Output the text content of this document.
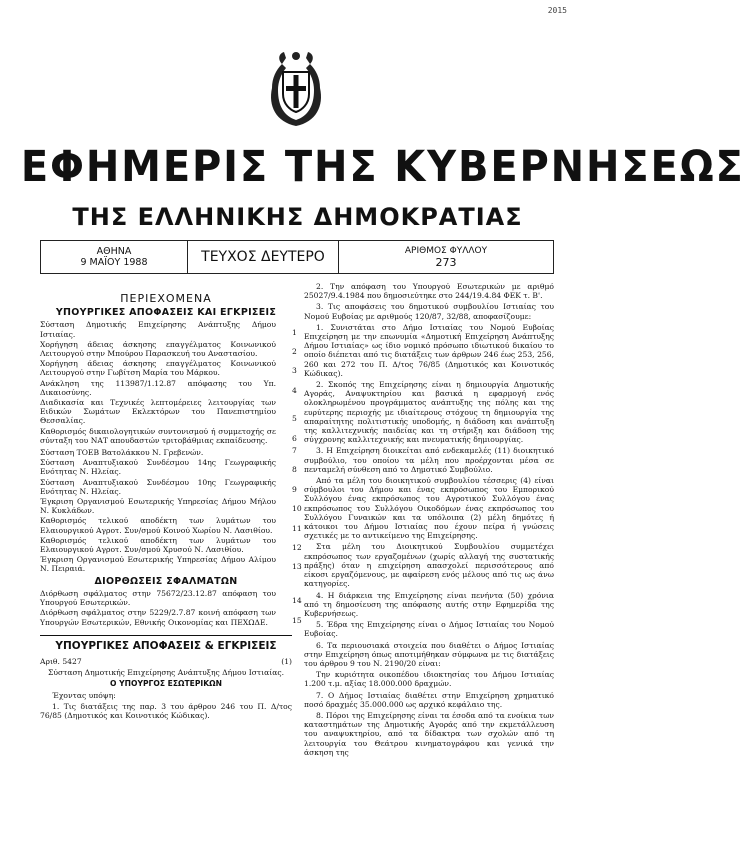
2015
ΕΦΗΜΕΡΙΣ ΤΗΣ ΚΥΒΕΡΝΗΣΕΩΣ
ΤΗΣ ΕΛΛΗΝΙΚΗΣ ΔΗΜΟΚΡΑΤΙΑΣ
ΑΘΗΝΑ
9 ΜΑΪΟΥ 1988	ΤΕΥΧΟΣ ΔΕΥΤΕΡΟ	ΑΡΙΘΜΟΣ ΦΥΛΛΟΥ
273
ΠΕΡΙΕΧΟΜΕΝΑ
ΥΠΟΥΡΓΙΚΕΣ ΑΠΟΦΑΣΕΙΣ ΚΑΙ ΕΓΚΡΙΣΕΙΣ
Σύσταση Δημοτικής Επιχείρησης Ανάπτυξης Δήμου Ιστιαίας.	1
Χορήγηση άδειας άσκησης επαγγέλματος Κοινωνικού Λειτουργού στην Μπούρου Παρασκευή του Αναστασίου.	2
Χορήγηση άδειας άσκησης επαγγέλματος Κοινωνικού Λειτουργού στην Γωβίτση Μαρία του Μάρκου.	3
Ανάκληση της 113987/1.12.87 απόφασης του Υπ. Δικαιοσύνης.	4
Διαδικασία και Τεχνικές λεπτομέρειες λειτουργίας των Ειδικών Σωμάτων Εκλεκτόρων του Πανεπιστημίου Θεσσαλίας.	5
Καθορισμός δικαιολογητικών συντονισμού ή συμμετοχής σε σύνταξη του ΝΑΤ απουδαστών τριτοβάθμιας εκπαίδευσης.	6
Σύσταση ΤΟΕΒ Βατολάκκου Ν. Γρεβενών.	7
Σύσταση Αναπτυξιακού Συνδέσμου 14ης Γεωγραφικής Ενότητας Ν. Ηλείας.	8
Σύσταση Αναπτυξιακού Συνδέσμου 10ης Γεωγραφικής Ενότητας Ν. Ηλείας.	9
Έγκριση Οργανισμού Εσωτερικής Υπηρεσίας Δήμου Μήλου Ν. Κυκλάδων.	10
Καθορισμός τελικού αποδέκτη των λυμάτων του Ελαιουργικού Αγροτ. Συν/σμού Κοινού Χωρίου Ν. Λασιθίου.	11
Καθορισμός τελικού αποδέκτη των λυμάτων του Ελαιουργικού Αγροτ. Συν/σμού Χρυσού Ν. Λασιθίου.	12
Έγκριση Οργανισμού Εσωτερικής Υπηρεσίας Δήμου Αλίμου Ν. Πειραιά.	13
ΔΙΟΡΘΩΣΕΙΣ ΣΦΑΛΜΑΤΩΝ
Διόρθωση σφάλματος στην 75672/23.12.87 απόφαση του Υπουργού Εσωτερικών.	14
Διόρθωση σφάλματος στην 5229/2.7.87 κοινή απόφαση των Υπουργών Εσωτερικών, Εθνικής Οικονομίας και ΠΕΧΩΔΕ.	15
ΥΠΟΥΡΓΙΚΕΣ ΑΠΟΦΑΣΕΙΣ & ΕΓΚΡΙΣΕΙΣ
Αριθ. 5427	(1)
Σύσταση Δημοτικής Επιχείρησης Ανάπτυξης Δήμου Ιστιαίας.
Ο ΥΠΟΥΡΓΟΣ ΕΣΩΤΕΡΙΚΩΝ
Έχοντας υπόψη:
1. Τις διατάξεις της παρ. 3 του άρθρου 246 του Π. Δ/τος 76/85 (Δημοτικός και Κοινοτικός Κώδικας).
2. Την απόφαση του Υπουργού Εσωτερικών με αριθμό 25027/9.4.1984 που δημοσιεύτηκε στο 244/19.4.84 ΦΕΚ τ. Β'.
3. Τις αποφάσεις του δημοτικού συμβουλίου Ιστιαίας του Νομού Ευβοίας με αριθμούς 120/87, 32/88, αποφασίζουμε:
1. Συνιστάται στο Δήμο Ιστιαίας του Νομού Ευβοίας Επιχείρηση με την επωνυμία «Δημοτική Επιχείρηση Ανάπτυξης Δήμου Ιστιαίας» ως ίδιο νομικό πρόσωπο ιδιωτικού δικαίου το οποίο διέπεται από τις διατάξεις των άρθρων 246 έως 253, 256, 260 και 272 του Π. Δ/τος 76/85 (Δημοτικός και Κοινοτικός Κώδικας).
2. Σκοπός της Επιχείρησης είναι η δημιουργία Δημοτικής Αγοράς, Αναψυκτηρίου και βασικά η εφαρμογή ενός ολοκληρωμένου προγράμματος ανάπτυξης της πόλης και της ευρύτερης περιοχής με ιδιαίτερους στόχους τη δημιουργία της απαραίτητης πολιτιστικής υποδομής, η διάδοση και ανάπτυξη της καλλιτεχνικής παιδείας και τη στήριξη και διάδοση της σύγχρονης καλλιτεχνικής και πνευματικής δημιουργίας.
3. Η Επιχείρηση διοικείται από ενδεκαμελές (11) διοικητικό συμβούλιο, του οποίου τα μέλη που προέρχονται μέσα σε πενταμελή σύνθεση από το Δημοτικό Συμβούλιο.
Από τα μέλη του διοικητικού συμβουλίου τέσσερις (4) είναι σύμβουλοι του Δήμου και ένας εκπρόσωπος του Εμπορικού Συλλόγου ένας εκπρόσωπος του Αγροτικού Συλλόγου ένας εκπρόσωπος του Συλλόγου Οικοδόμων ένας εκπρόσωπος του Συλλόγου Γυναικών και τα υπόλοιπα (2) μέλη δημότες ή κάτοικοι του Δήμου Ιστιαίας που έχουν πείρα ή γνώσεις σχετικές με το αντικείμενο της Επιχείρησης.
Στα μέλη του Διοικητικού Συμβουλίου συμμετέχει εκπρόσωπος των εργαζομένων (χωρίς αλλαγή της συστατικής πράξης) όταν η επιχείρηση απασχολεί περισσότερους από είκοσι εργαζόμενους, με αφαίρεση ενός μέλους από τις ως άνω κατηγορίες.
4. Η διάρκεια της Επιχείρησης είναι πενήντα (50) χρόνια από τη δημοσίευση της απόφασης αυτής στην Εφημερίδα της Κυβερνήσεως.
5. Έδρα της Επιχείρησης είναι ο Δήμος Ιστιαίας του Νομού Ευβοίας.
6. Τα περιουσιακά στοιχεία που διαθέτει ο Δήμος Ιστιαίας στην Επιχείρηση όπως αποτιμήθηκαν σύμφωνα με τις διατάξεις του άρθρου 9 του Ν. 2190/20 είναι:
Την κυριότητα οικοπέδου ιδιοκτησίας του Δήμου Ιστιαίας 1.200 τ.μ. αξίας 18.000.000 δραχμών.
7. Ο Δήμος Ιστιαίας διαθέτει στην Επιχείρηση χρηματικό ποσό δραχμές 35.000.000 ως αρχικό κεφάλαιο της.
8. Πόροι της Επιχείρησης είναι τα έσοδα από τα ενοίκια των καταστημάτων της Δημοτικής Αγοράς από την εκμετάλλευση του αναψυκτηρίου, από τα δίδακτρα των σχολών από τη λειτουργία του Θεάτρου κινηματογράφου και γενικά την άσκηση της
